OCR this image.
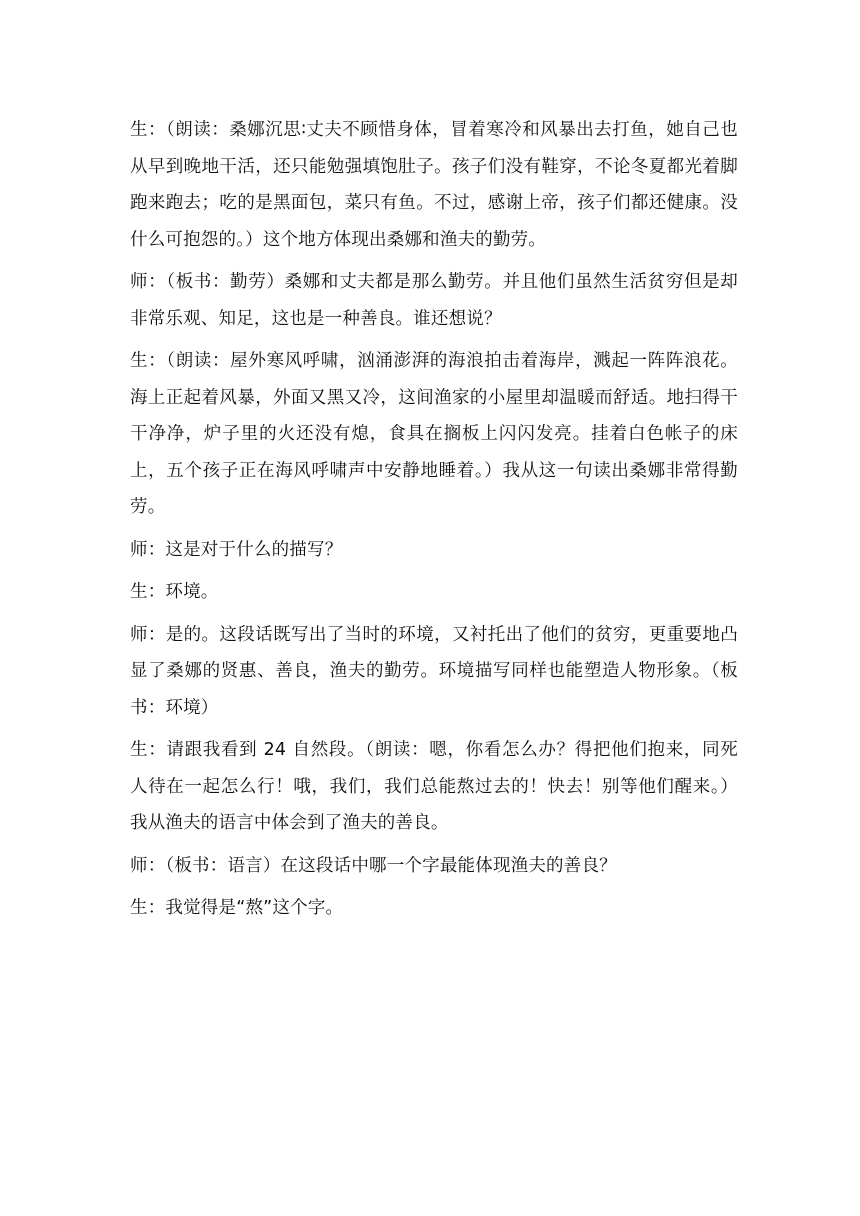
生：（朗读：桑娜沉思∶丈夫不顾惜身体，冒着寒冷和风暴出去打鱼，她自己也从早到晚地干活，还只能勉强填饱肚子。孩子们没有鞋穿，不论冬夏都光着脚跑来跑去；吃的是黑面包，菜只有鱼。不过，感谢上帝，孩子们都还健康。没什么可抱怨的。）这个地方体现出桑娜和渔夫的勤劳。

师：（板书：勤劳）桑娜和丈夫都是那么勤劳。并且他们虽然生活贫穷但是却非常乐观、知足，这也是一种善良。谁还想说？

生：（朗读：屋外寒风呼啸，汹涌澎湃的海浪拍击着海岸，溅起一阵阵浪花。海上正起着风暴，外面又黑又冷，这间渔家的小屋里却温暖而舒适。地扫得干干净净，炉子里的火还没有熄，食具在搁板上闪闪发亮。挂着白色帐子的床上，五个孩子正在海风呼啸声中安静地睡着。）我从这一句读出桑娜非常得勤劳。

师：这是对于什么的描写？

生：环境。

师：是的。这段话既写出了当时的环境，又衬托出了他们的贫穷，更重要地凸显了桑娜的贤惠、善良，渔夫的勤劳。环境描写同样也能塑造人物形象。（板书：环境）

生：请跟我看到 24 自然段。（朗读：嗯，你看怎么办？得把他们抱来，同死人待在一起怎么行！哦，我们，我们总能熬过去的！快去！别等他们醒来。）我从渔夫的语言中体会到了渔夫的善良。

师：（板书：语言）在这段话中哪一个字最能体现渔夫的善良？

生：我觉得是“熬”这个字。
